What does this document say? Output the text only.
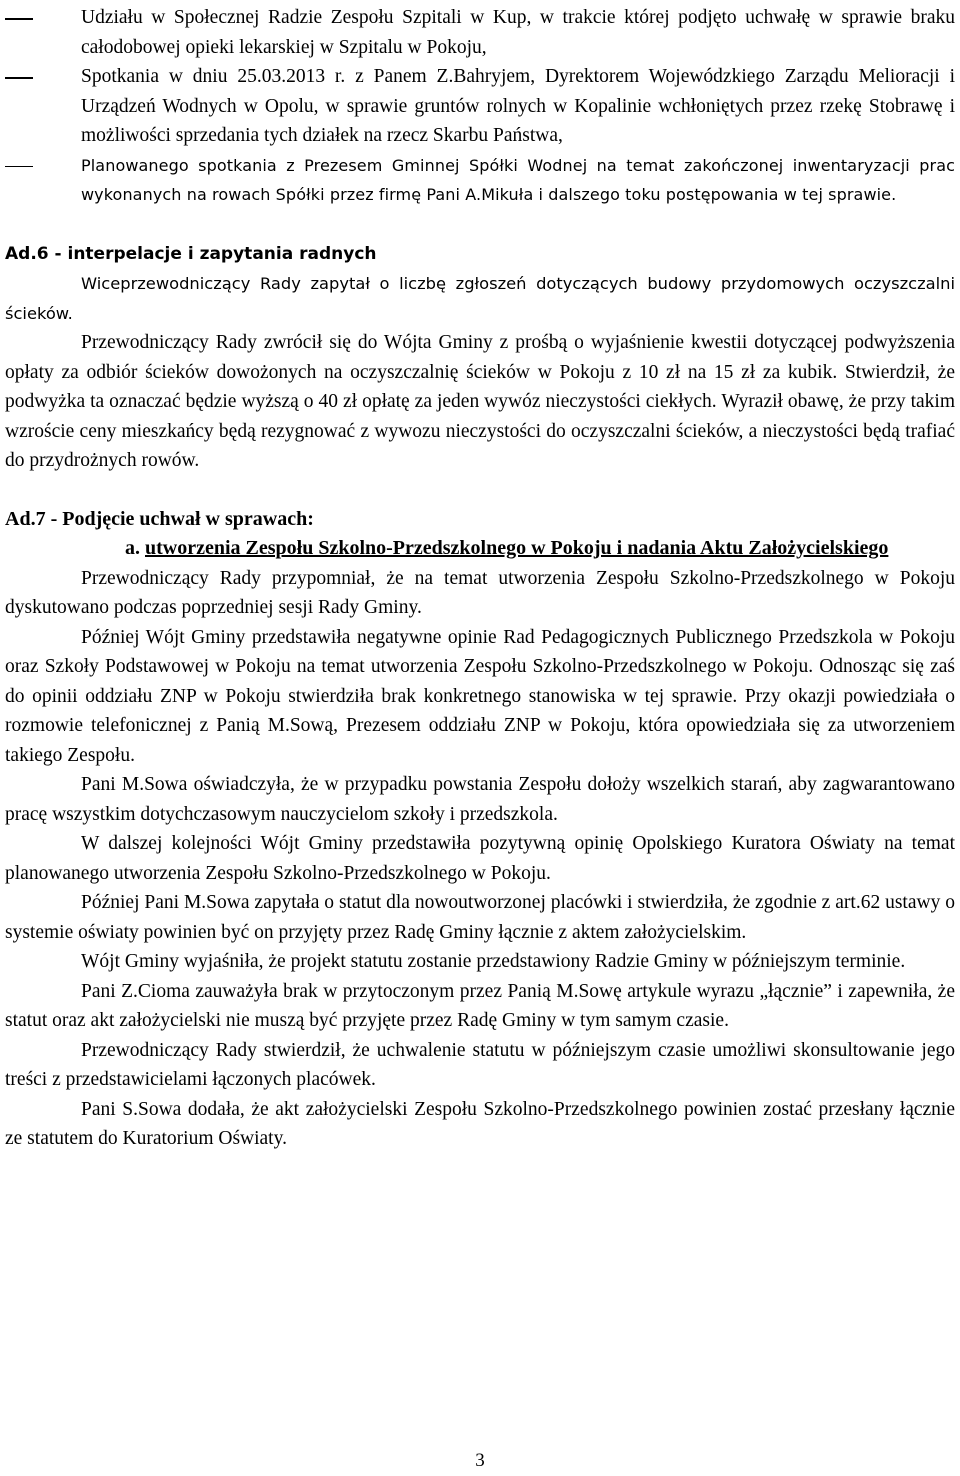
Udziału w Społecznej Radzie Zespołu Szpitali w Kup, w trakcie której podjęto uchwałę w sprawie braku całodobowej opieki lekarskiej w Szpitalu w Pokoju,
Spotkania w dniu 25.03.2013 r. z Panem Z.Bahryjem, Dyrektorem Wojewódzkiego Zarządu Melioracji i Urządzeń Wodnych w Opolu, w sprawie gruntów rolnych w Kopalinie wchłoniętych przez rzekę Stobrawę i możliwości sprzedania tych działek na rzecz Skarbu Państwa,
Planowanego spotkania z Prezesem Gminnej Spółki Wodnej na temat zakończonej inwentaryzacji prac wykonanych na rowach Spółki przez firmę Pani A.Mikuła i dalszego toku postępowania w tej sprawie.
Ad.6 - interpelacje i zapytania radnych

Wiceprzewodniczący Rady zapytał o liczbę zgłoszeń dotyczących budowy przydomowych oczyszczalni ścieków.

Przewodniczący Rady zwrócił się do Wójta Gminy z prośbą o wyjaśnienie kwestii dotyczącej podwyższenia opłaty za odbiór ścieków dowożonych na oczyszczalnię ścieków w Pokoju z 10 zł na 15 zł za kubik. Stwierdził, że podwyżka ta oznaczać będzie wyższą o 40 zł opłatę za jeden wywóz nieczystości ciekłych. Wyraził obawę, że przy takim wzroście ceny mieszkańcy będą rezygnować z wywozu nieczystości do oczyszczalni ścieków, a nieczystości będą trafiać do przydrożnych rowów.

Ad.7 - Podjęcie uchwał w sprawach:
a. utworzenia Zespołu Szkolno-Przedszkolnego w Pokoju i nadania Aktu Założycielskiego

Przewodniczący Rady przypomniał, że na temat utworzenia Zespołu Szkolno-Przedszkolnego w Pokoju dyskutowano podczas poprzedniej sesji Rady Gminy.

Później Wójt Gminy przedstawiła negatywne opinie Rad Pedagogicznych Publicznego Przedszkola w Pokoju oraz Szkoły Podstawowej w Pokoju na temat utworzenia Zespołu Szkolno-Przedszkolnego w Pokoju. Odnosząc się zaś do opinii oddziału ZNP w Pokoju stwierdziła brak konkretnego stanowiska w tej sprawie. Przy okazji powiedziała o rozmowie telefonicznej z Panią M.Sową, Prezesem oddziału ZNP w Pokoju, która opowiedziała się za utworzeniem takiego Zespołu.

Pani M.Sowa oświadczyła, że w przypadku powstania Zespołu dołoży wszelkich starań, aby zagwarantowano pracę wszystkim dotychczasowym nauczycielom szkoły i przedszkola.

W dalszej kolejności Wójt Gminy przedstawiła pozytywną opinię Opolskiego Kuratora Oświaty na temat planowanego utworzenia Zespołu Szkolno-Przedszkolnego w Pokoju.

Później Pani M.Sowa zapytała o statut dla nowoutworzonej placówki i stwierdziła, że zgodnie z art.62 ustawy o systemie oświaty powinien być on przyjęty przez Radę Gminy łącznie z aktem założycielskim.

Wójt Gminy wyjaśniła, że projekt statutu zostanie przedstawiony Radzie Gminy w późniejszym terminie.

Pani Z.Cioma zauważyła brak w przytoczonym przez Panią M.Sowę artykule wyrazu „łącznie” i zapewniła, że statut oraz akt założycielski nie muszą być przyjęte przez Radę Gminy w tym samym czasie.

Przewodniczący Rady stwierdził, że uchwalenie statutu w późniejszym czasie umożliwi skonsultowanie jego treści z przedstawicielami łączonych placówek.

Pani S.Sowa dodała, że akt założycielski Zespołu Szkolno-Przedszkolnego powinien zostać przesłany łącznie ze statutem do Kuratorium Oświaty.

3
